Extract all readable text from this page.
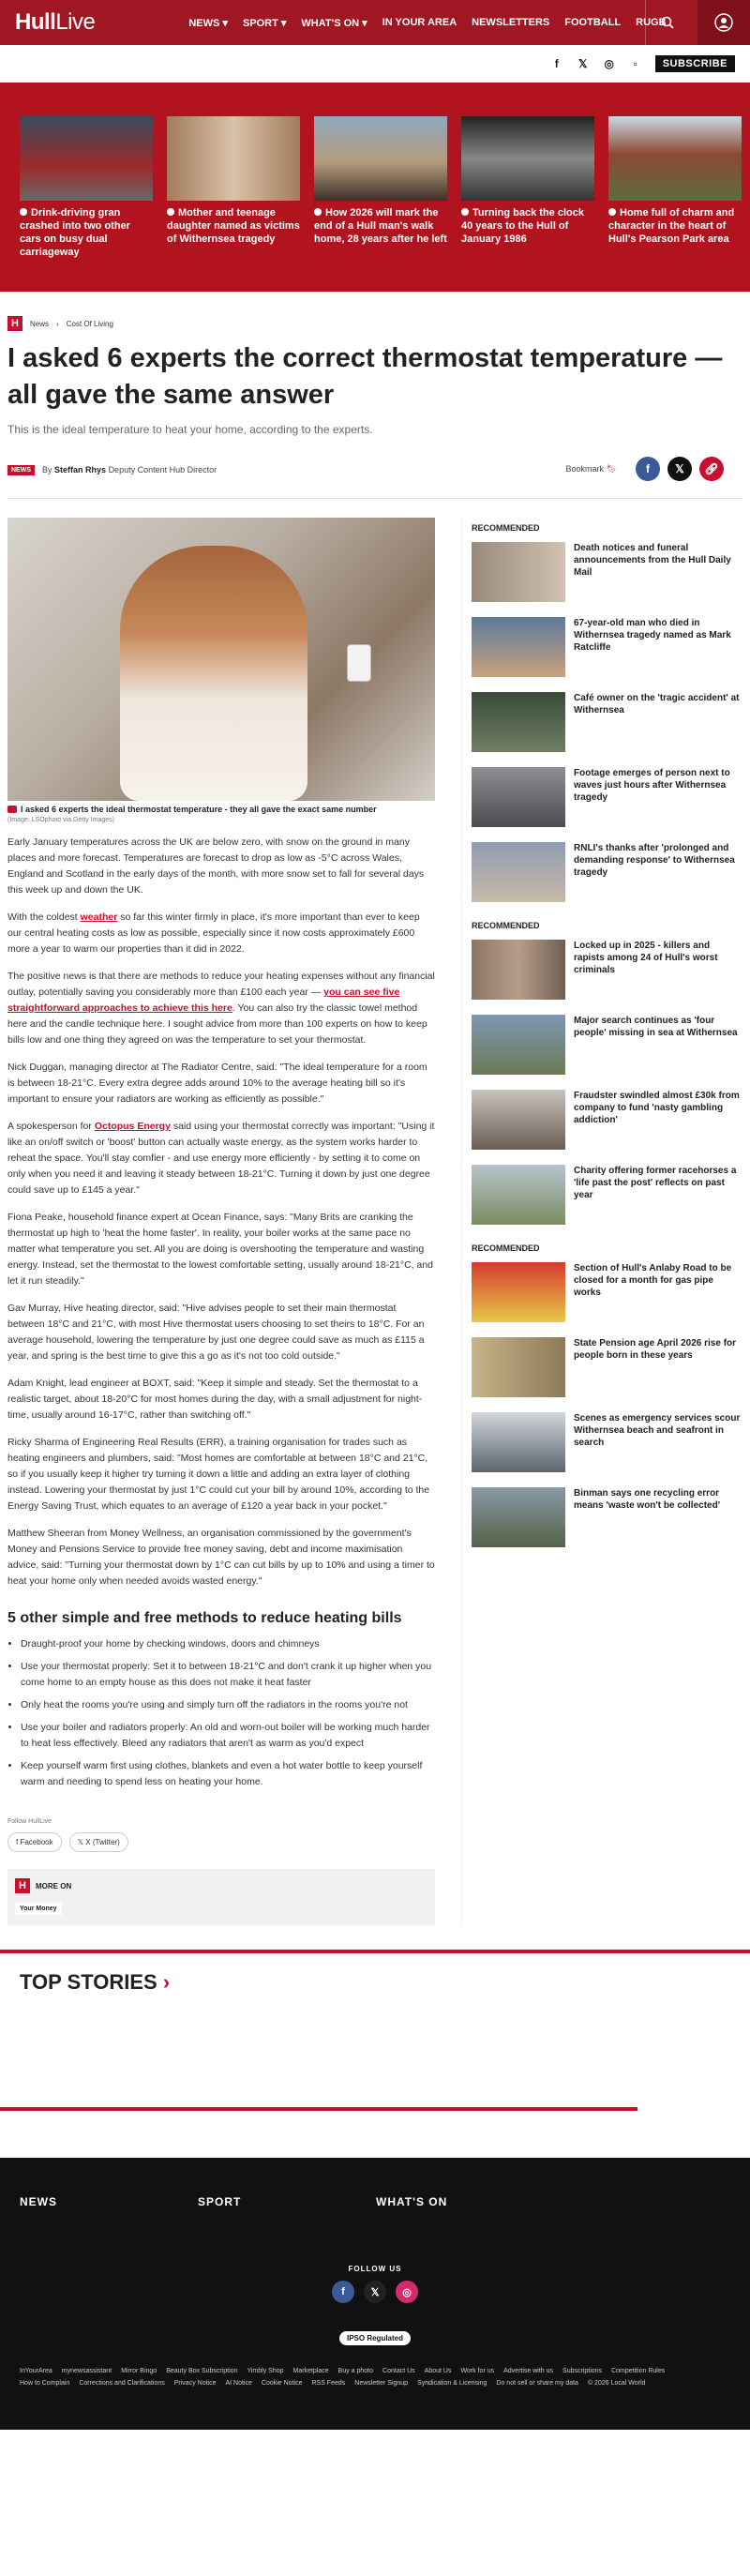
HullLive	NEWS ▾ SPORT ▾ WHAT'S ON ▾ IN YOUR AREA NEWSLETTERS FOOTBALL RUGB
f	𝕏 ◎	▫	SUBSCRIBE
Drink-driving gran crashed into two other cars on busy dual carriageway
Mother and teenage daughter named as victims of Withernsea tragedy
How 2026 will mark the end of a Hull man's walk home, 28 years after he left
Turning back the clock 40 years to the Hull of January 1986
Home full of charm and character in the heart of Hull's Pearson Park area
H	News › Cost Of Living
I asked 6 experts the correct thermostat temperature — all gave the same answer
This is the ideal temperature to heat your home, according to the experts.
NEWS	By Steffan Rhys Deputy Content Hub Director	Bookmark 🔖︎	f	𝕏	🔗︎
I asked 6 experts the ideal thermostat temperature - they all gave the exact same number
(Image: LSOphoto via Getty Images)

Early January temperatures across the UK are below zero, with snow on the ground in many places and more forecast. Temperatures are forecast to drop as low as -5°C across Wales, England and Scotland in the early days of the month, with more snow set to fall for several days this week up and down the UK.

With the coldest weather so far this winter firmly in place, it's more important than ever to keep our central heating costs as low as possible, especially since it now costs approximately £600 more a year to warm our properties than it did in 2022.

The positive news is that there are methods to reduce your heating expenses without any financial outlay, potentially saving you considerably more than £100 each year — you can see five straightforward approaches to achieve this here. You can also try the classic towel method here and the candle technique here. I sought advice from more than 100 experts on how to keep bills low and one thing they agreed on was the temperature to set your thermostat.

Nick Duggan, managing director at The Radiator Centre, said: "The ideal temperature for a room is between 18-21°C. Every extra degree adds around 10% to the average heating bill so it's important to ensure your radiators are working as efficiently as possible."

A spokesperson for Octopus Energy said using your thermostat correctly was important: "Using it like an on/off switch or 'boost' button can actually waste energy, as the system works harder to reheat the space. You'll stay comfier - and use energy more efficiently - by setting it to come on only when you need it and leaving it steady between 18-21°C. Turning it down by just one degree could save up to £145 a year."

Fiona Peake, household finance expert at Ocean Finance, says: "Many Brits are cranking the thermostat up high to 'heat the home faster'. In reality, your boiler works at the same pace no matter what temperature you set. All you are doing is overshooting the temperature and wasting energy. Instead, set the thermostat to the lowest comfortable setting, usually around 18-21°C, and let it run steadily."

Gav Murray, Hive heating director, said: "Hive advises people to set their main thermostat between 18°C and 21°C, with most Hive thermostat users choosing to set theirs to 18°C. For an average household, lowering the temperature by just one degree could save as much as £115 a year, and spring is the best time to give this a go as it's not too cold outside."

Adam Knight, lead engineer at BOXT, said: "Keep it simple and steady. Set the thermostat to a realistic target, about 18-20°C for most homes during the day, with a small adjustment for night-time, usually around 16-17°C, rather than switching off."

Ricky Sharma of Engineering Real Results (ERR), a training organisation for trades such as heating engineers and plumbers, said: "Most homes are comfortable at between 18°C and 21°C, so if you usually keep it higher try turning it down a little and adding an extra layer of clothing instead. Lowering your thermostat by just 1°C could cut your bill by around 10%, according to the Energy Saving Trust, which equates to an average of £120 a year back in your pocket."

Matthew Sheeran from Money Wellness, an organisation commissioned by the government's Money and Pensions Service to provide free money saving, debt and income maximisation advice, said: "Turning your thermostat down by 1°C can cut bills by up to 10% and using a timer to heat your home only when needed avoids wasted energy."

5 other simple and free methods to reduce heating bills
• Draught-proof your home by checking windows, doors and chimneys
• Use your thermostat properly: Set it to between 18-21°C and don't crank it up higher when you come home to an empty house as this does not make it heat faster
• Only heat the rooms you're using and simply turn off the radiators in the rooms you're not
• Use your boiler and radiators properly: An old and worn-out boiler will be working much harder to heat less effectively. Bleed any radiators that aren't as warm as you'd expect
• Keep yourself warm first using clothes, blankets and even a hot water bottle to keep yourself warm and needing to spend less on heating your home.
Follow HullLive
f Facebook	𝕏 X (Twitter)
H	MORE ON
Your Money
RECOMMENDED
Death notices and funeral announcements from the Hull Daily Mail
67-year-old man who died in Withernsea tragedy named as Mark Ratcliffe
Café owner on the 'tragic accident' at Withernsea
Footage emerges of person next to waves just hours after Withernsea tragedy
RNLI's thanks after 'prolonged and demanding response' to Withernsea tragedy
RECOMMENDED
Locked up in 2025 - killers and rapists among 24 of Hull's worst criminals
Major search continues as 'four people' missing in sea at Withernsea
Fraudster swindled almost £30k from company to fund 'nasty gambling addiction'
Charity offering former racehorses a 'life past the post' reflects on past year
RECOMMENDED
Section of Hull's Anlaby Road to be closed for a month for gas pipe works
State Pension age April 2026 rise for people born in these years
Scenes as emergency services scour Withernsea beach and seafront in search
Binman says one recycling error means 'waste won't be collected'
TOP STORIES ›
NEWS	SPORT	WHAT'S ON
FOLLOW US
f	𝕏	◎
IPSO Regulated
InYourArea mynewsassistant Mirror Bingo Beauty Box Subscription Yimbly Shop Marketplace Buy a photo Contact Us About Us Work for us Advertise with us Subscriptions Competition Rules
How to Complain Corrections and Clarifications Privacy Notice AI Notice Cookie Notice RSS Feeds Newsletter Signup Syndication & Licensing Do not sell or share my data © 2026 Local World
